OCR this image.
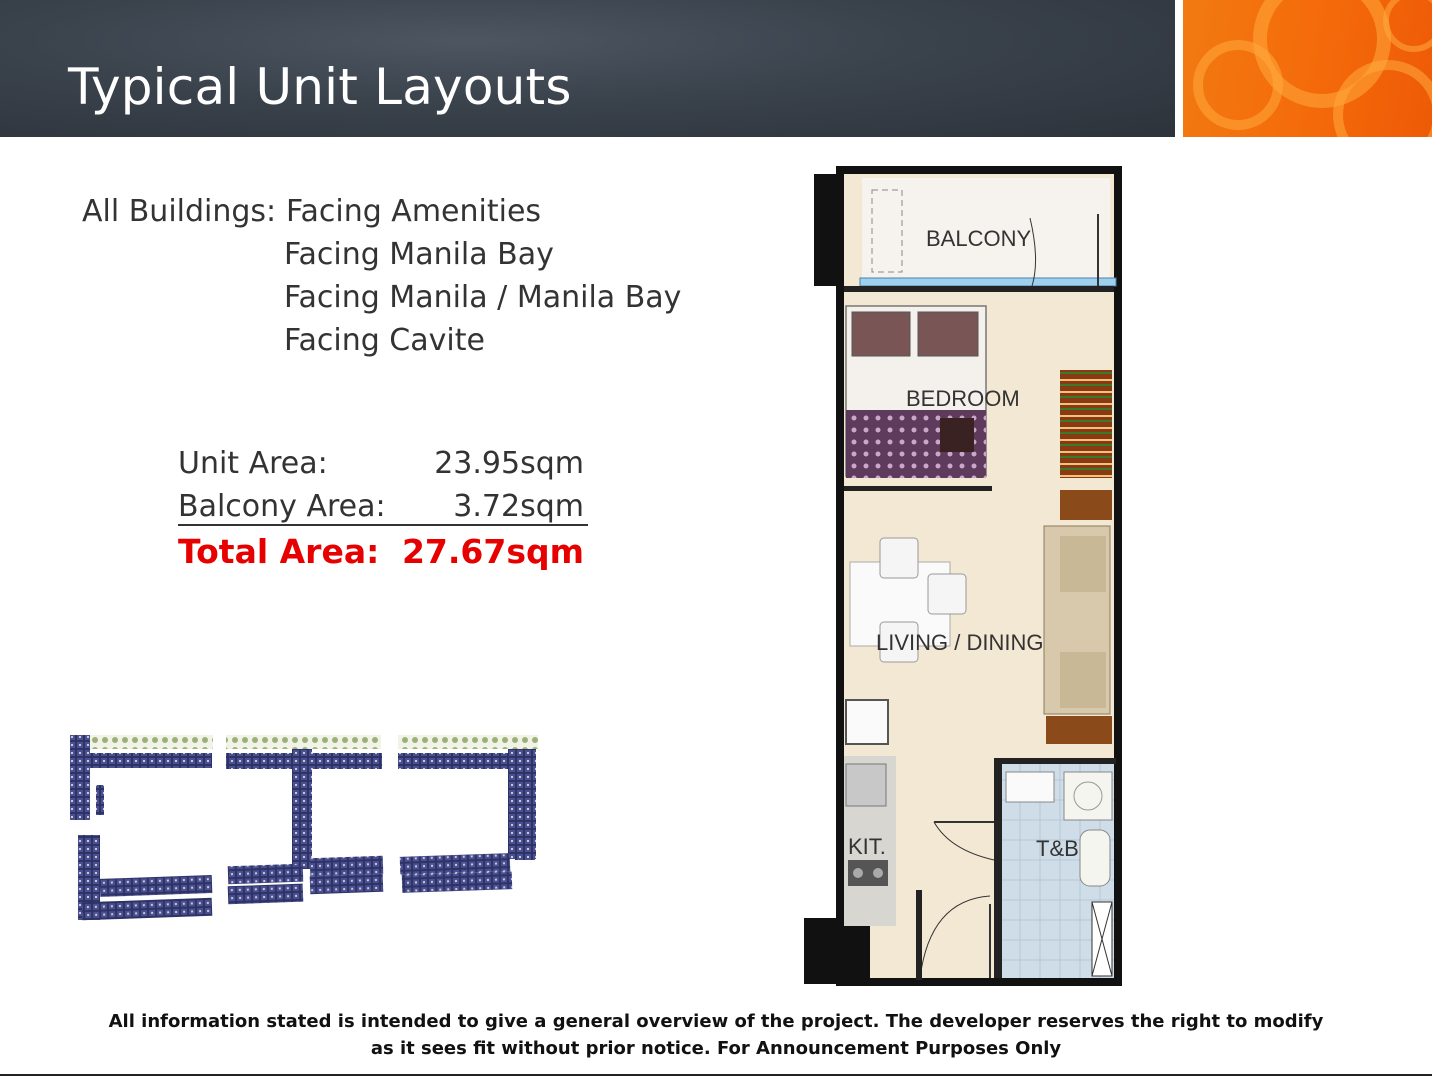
Typical Unit Layouts
All Buildings: Facing Amenities
Facing Manila Bay
Facing Manila / Manila Bay
Facing Cavite
Unit Area:	23.95sqm
Balcony Area: 3.72sqm
Total Area: 27.67sqm
BALCONY
BEDROOM
LIVING / DINING
KIT.	T&B
All information stated is intended to give a general overview of the project. The developer reserves the right to modify
as it sees fit without prior notice. For Announcement Purposes Only
